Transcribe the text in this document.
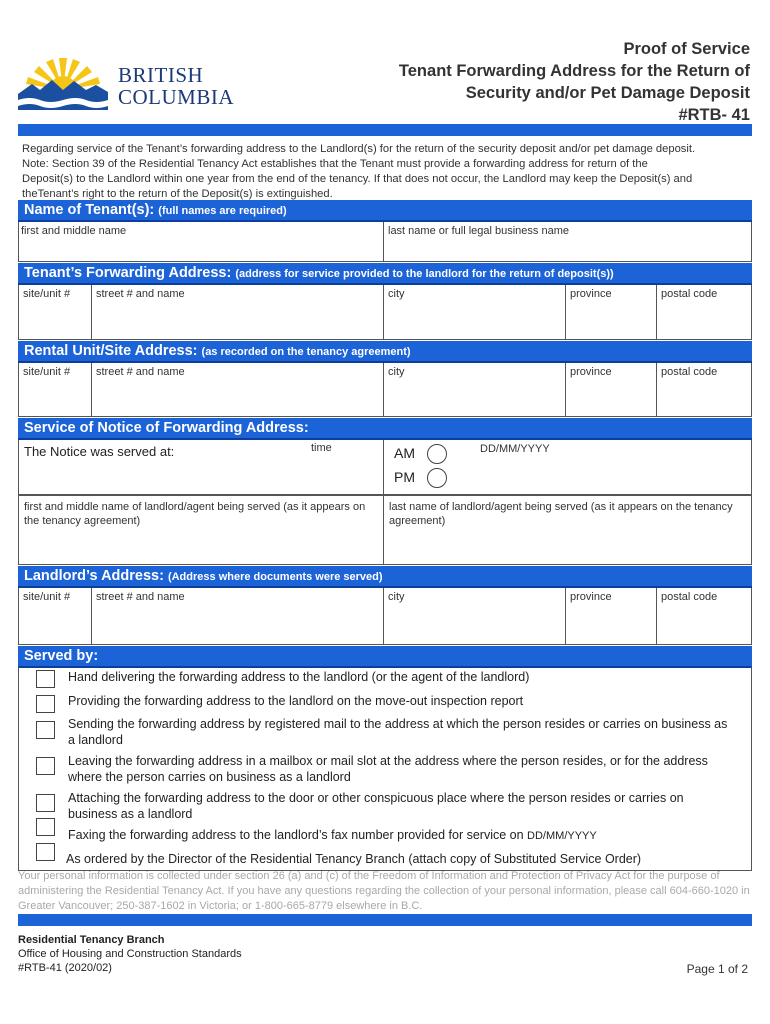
BRITISH
COLUMBIA
Proof of Service
Tenant Forwarding Address for the Return of
Security and/or Pet Damage Deposit
#RTB- 41
Regarding service of the Tenant’s forwarding address to the Landlord(s) for the return of the security deposit and/or pet damage deposit.
Note: Section 39 of the Residential Tenancy Act establishes that the Tenant must provide a forwarding address for return of the
Deposit(s) to the Landlord within one year from the end of the tenancy. If that does not occur, the Landlord may keep the Deposit(s) and
theTenant’s right to the return of the Deposit(s) is extinguished.
Name of Tenant(s): (full names are required)
first and middle name	last name or full legal business name
Tenant’s Forwarding Address: (address for service provided to the landlord for the return of deposit(s))
site/unit #	street # and name	city	province	postal code
Rental Unit/Site Address: (as recorded on the tenancy agreement)
site/unit #	street # and name	city	province	postal code
Service of Notice of Forwarding Address:
The Notice was served at:	time	AM
PM
DD/MM/YYYY
first and middle name of landlord/agent being served (as it appears on the tenancy agreement)
last name of landlord/agent being served (as it appears on the tenancy agreement)
Landlord’s Address: (Address where documents were served)
site/unit #	street # and name	city	province	postal code
Served by:
Hand delivering the forwarding address to the landlord (or the agent of the landlord)
Providing the forwarding address to the landlord on the move-out inspection report
Sending the forwarding address by registered mail to the address at which the person resides or carries on business as a landlord
Leaving the forwarding address in a mailbox or mail slot at the address where the person resides, or for the address where the person carries on business as a landlord
Attaching the forwarding address to the door or other conspicuous place where the person resides or carries on business as a landlord
Faxing the forwarding address to the landlord’s fax number provided for service on DD/MM/YYYY
As ordered by the Director of the Residential Tenancy Branch (attach copy of Substituted Service Order)
Your personal information is collected under section 26 (a) and (c) of the Freedom of Information and Protection of Privacy Act for the purpose of administering the Residential Tenancy Act. If you have any questions regarding the collection of your personal information, please call 604-660-1020 in Greater Vancouver; 250-387-1602 in Victoria; or 1-800-665-8779 elsewhere in B.C.
Residential Tenancy Branch
Office of Housing and Construction Standards
#RTB-41 (2020/02)	Page 1 of 2
